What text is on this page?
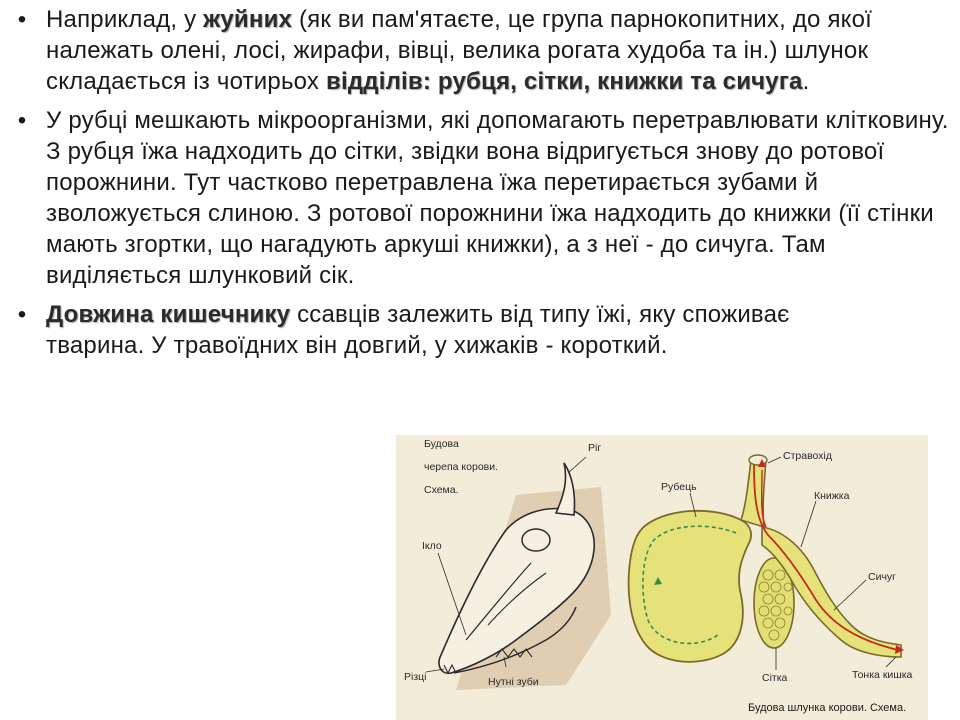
• Наприклад, у жуйних (як ви пам'ятаєте, це група парнокопитних, до якої належать олені, лосі, жирафи, вівці, велика рогата худоба та ін.) шлунок складається із чотирьох відділів: рубця, сітки, книжки та сичуга.
• У рубці мешкають мікроорганізми, які допомагають перетравлювати клітковину. З рубця їжа надходить до сітки, звідки вона відригується знову до ротової порожнини. Тут частково перетравлена їжа перетирається зубами й зволожується слиною. З ротової порожнини їжа надходить до книжки (її стінки мають згортки, що нагадують аркуші книжки), а з неї - до сичуга. Там виділяється шлунковий сік.
• Довжина кишечнику ссавців залежить від типу їжі, яку споживає тварина. У травоїдних він довгий, у хижаків - короткий.
Будова
черепа корови.
Схема.
Ріг
Ікло
Різці	Нутні зуби
Рубець
Стравохід
Книжка
Сичуг
Сітка	Тонка кишка
Будова шлунка корови. Схема.
